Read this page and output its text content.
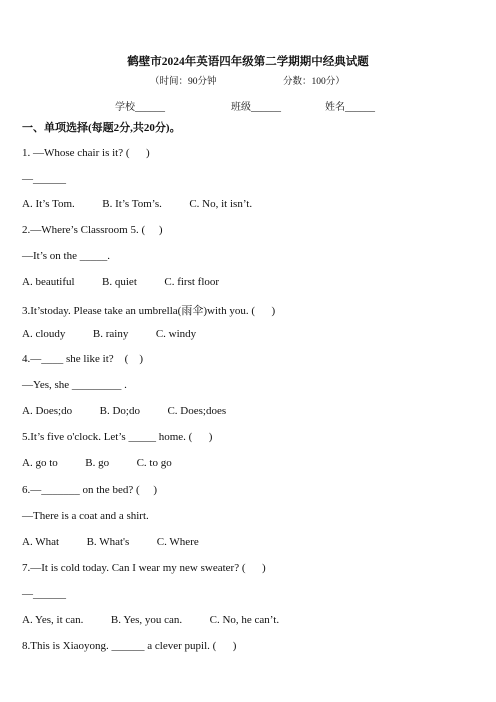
鹤壁市2024年英语四年级第二学期期中经典试题
（时间：90分钟	分数：100分）
学校______	班级______	姓名______
一、单项选择(每题2分,共20分)。
1. —Whose chair is it? (      )
—______
A. It’s Tom.          B. It’s Tom’s.          C. No, it isn’t.
2.—Where’s Classroom 5. (     )
—It’s on the _____.
A. beautiful          B. quiet          C. first floor
3.It’stoday. Please take an umbrella(雨伞)with you. (      )
A. cloudy          B. rainy          C. windy
4.—____ she like it?    (    )
—Yes, she _________ .
A. Does;do          B. Do;do          C. Does;does
5.It’s five o'clock. Let’s _____ home. (      )
A. go to          B. go          C. to go
6.—_______ on the bed? (     )
—There is a coat and a shirt.
A. What          B. What's          C. Where
7.—It is cold today. Can I wear my new sweater? (      )
—______
A. Yes, it can.          B. Yes, you can.          C. No, he can’t.
8.This is Xiaoyong. ______ a clever pupil. (      )
